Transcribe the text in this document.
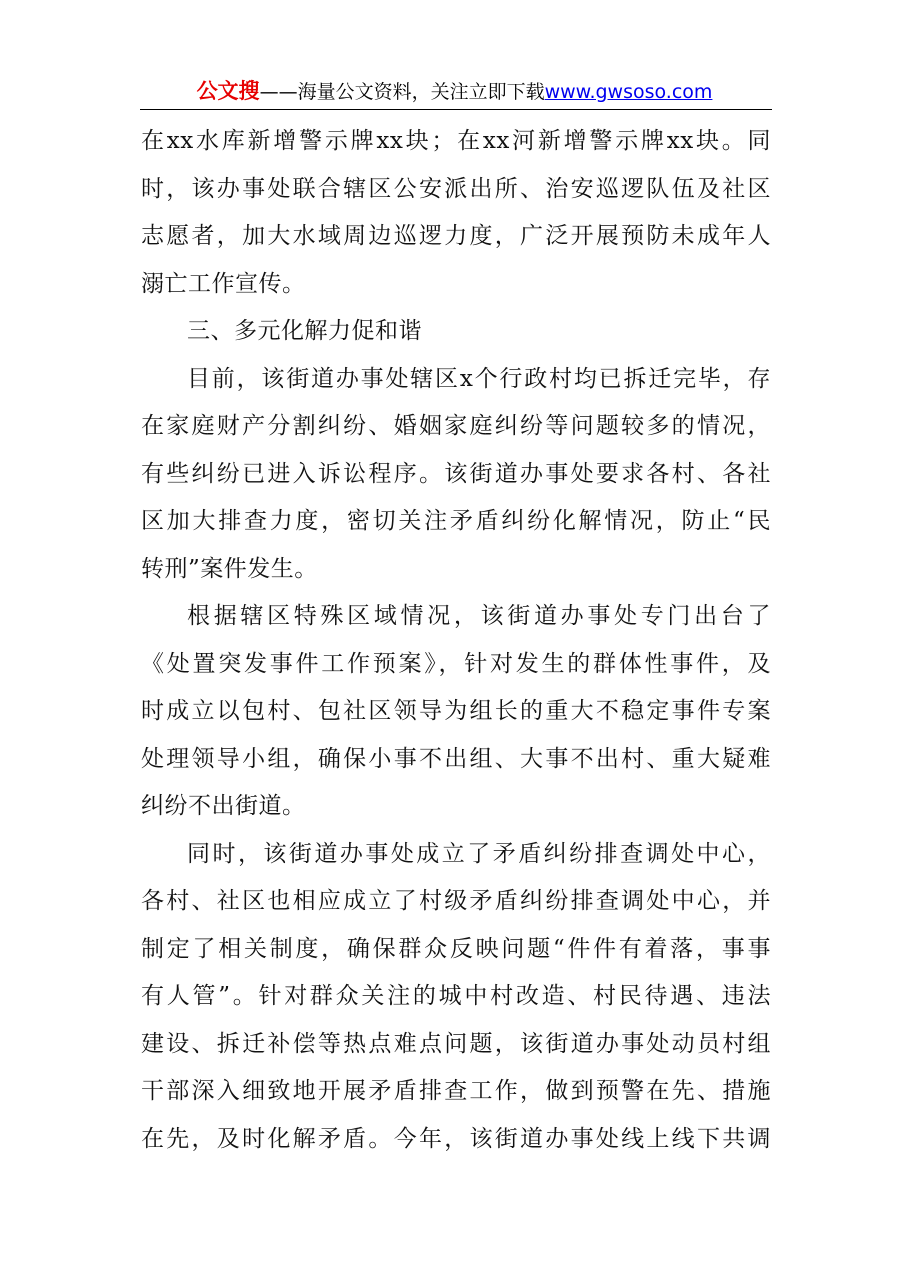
公文搜——海量公文资料，关注立即下载www.gwsoso.com
在xx水库新增警示牌xx块；在xx河新增警示牌xx块。同
时，该办事处联合辖区公安派出所、治安巡逻队伍及社区
志愿者，加大水域周边巡逻力度，广泛开展预防未成年人
溺亡工作宣传。
三、多元化解力促和谐
目前，该街道办事处辖区x个行政村均已拆迁完毕，存
在家庭财产分割纠纷、婚姻家庭纠纷等问题较多的情况，
有些纠纷已进入诉讼程序。该街道办事处要求各村、各社
区加大排查力度，密切关注矛盾纠纷化解情况，防止“民
转刑”案件发生。
根据辖区特殊区域情况，该街道办事处专门出台了
《处置突发事件工作预案》，针对发生的群体性事件，及
时成立以包村、包社区领导为组长的重大不稳定事件专案
处理领导小组，确保小事不出组、大事不出村、重大疑难
纠纷不出街道。
同时，该街道办事处成立了矛盾纠纷排查调处中心，
各村、社区也相应成立了村级矛盾纠纷排查调处中心，并
制定了相关制度，确保群众反映问题“件件有着落，事事
有人管”。针对群众关注的城中村改造、村民待遇、违法
建设、拆迁补偿等热点难点问题，该街道办事处动员村组
干部深入细致地开展矛盾排查工作，做到预警在先、措施
在先，及时化解矛盾。今年，该街道办事处线上线下共调
